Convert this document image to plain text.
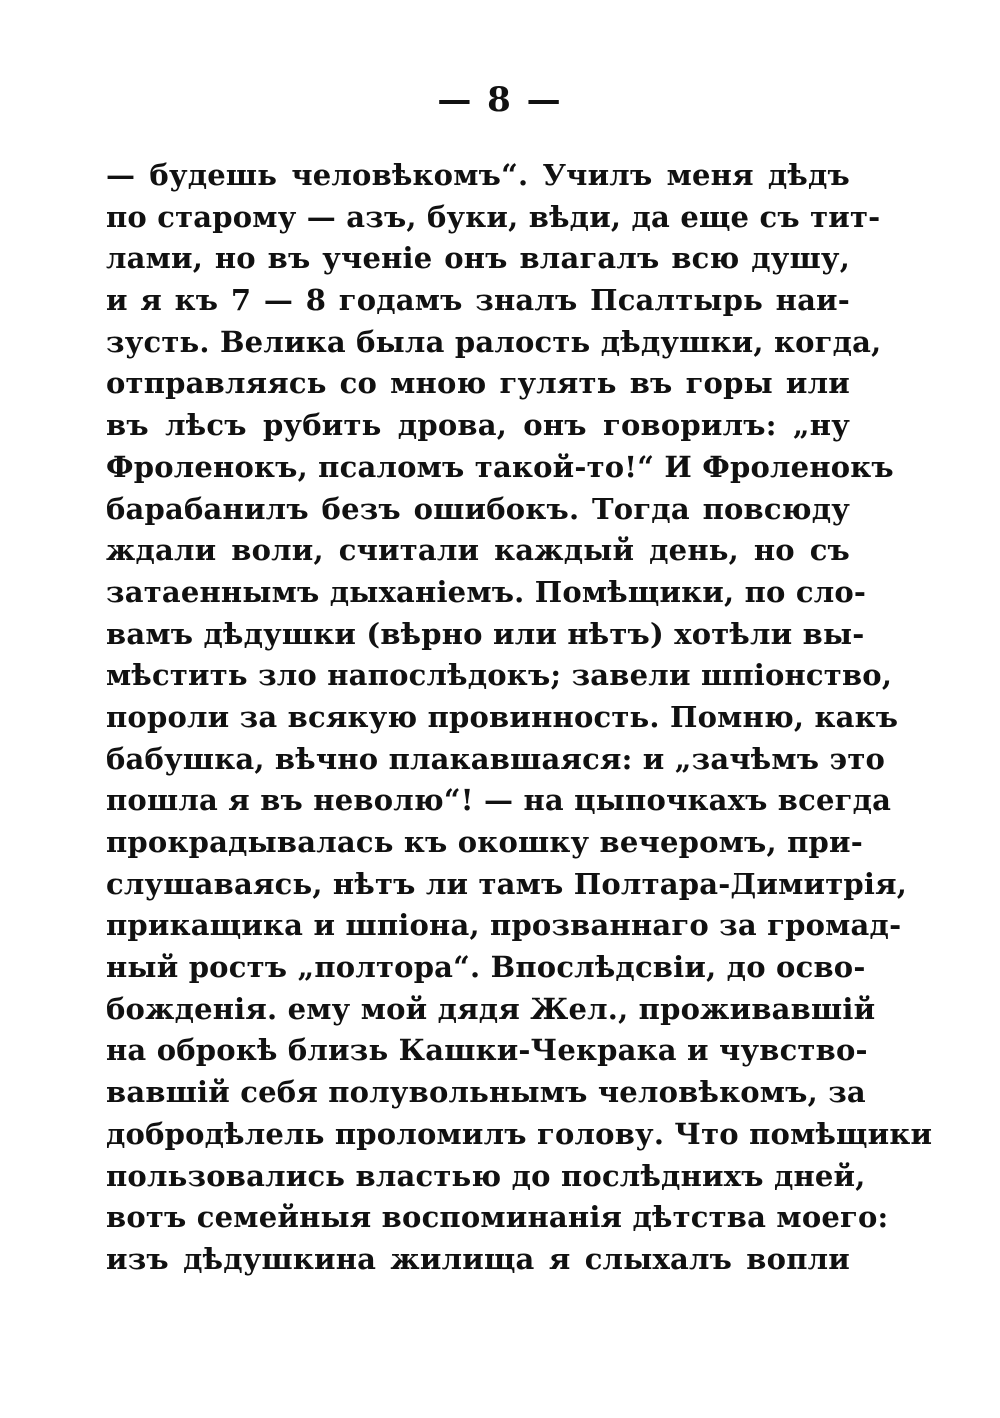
— 8 —
— будешь человѣкомъ“. Училъ меня дѣдъ
по старому — азъ, буки, вѣди, да еще съ тит-
лами, но въ ученіе онъ влагалъ всю душу,
и я къ 7 — 8 годамъ зналъ Псалтырь наи-
зусть. Велика была ралость дѣдушки, когда,
отправляясь со мною гулять въ горы или
въ лѣсъ рубить дрова, онъ говорилъ: „ну
Фроленокъ, псаломъ такой-то!“ И Фроленокъ
барабанилъ безъ ошибокъ. Тогда повсюду
ждали воли, считали каждый день, но съ
затаеннымъ дыханіемъ. Помѣщики, по сло-
вамъ дѣдушки (вѣрно или нѣтъ) хотѣли вы-
мѣстить зло напослѣдокъ; завели шпіонство,
пороли за всякую провинность. Помню, какъ
бабушка, вѣчно плакавшаяся: и „зачѣмъ это
пошла я въ неволю“! — на цыпочкахъ всегда
прокрадывалась къ окошку вечеромъ, при-
слушаваясь, нѣтъ ли тамъ Полтара-Димитрія,
прикащика и шпіона, прозваннаго за громад-
ный ростъ „полтора“. Впослѣдсвіи, до осво-
божденія. ему мой дядя Жел., проживавшій
на оброкѣ близь Кашки-Чекрака и чувство-
вавшій себя полувольнымъ человѣкомъ, за
добродѣлель проломилъ голову. Что помѣщики
пользовались властью до послѣднихъ дней,
вотъ семейныя воспоминанія дѣтства моего:
изъ дѣдушкина жилища я слыхалъ вопли
